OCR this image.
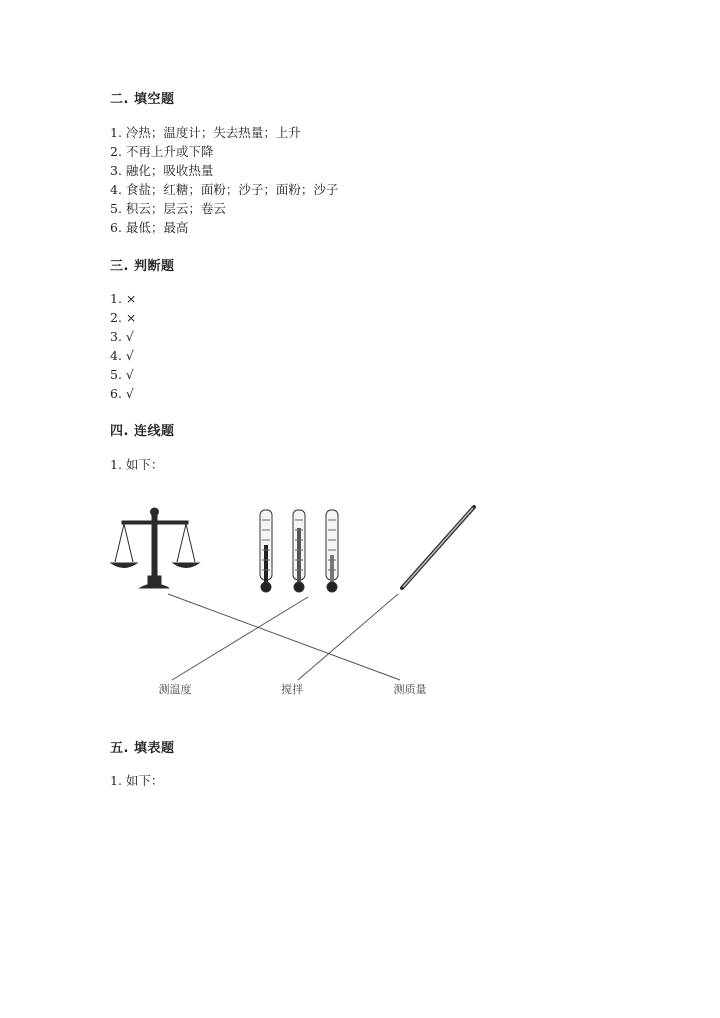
二. 填空题
1. 冷热；温度计；失去热量；上升
2. 不再上升或下降
3. 融化；吸收热量
4. 食盐；红糖；面粉；沙子；面粉；沙子
5. 积云；层云；卷云
6. 最低；最高
三. 判断题
1. ×
2. ×
3. √
4. √
5. √
6. √
四. 连线题
1. 如下：
测温度	搅拌	测质量
五. 填表题
1. 如下：
